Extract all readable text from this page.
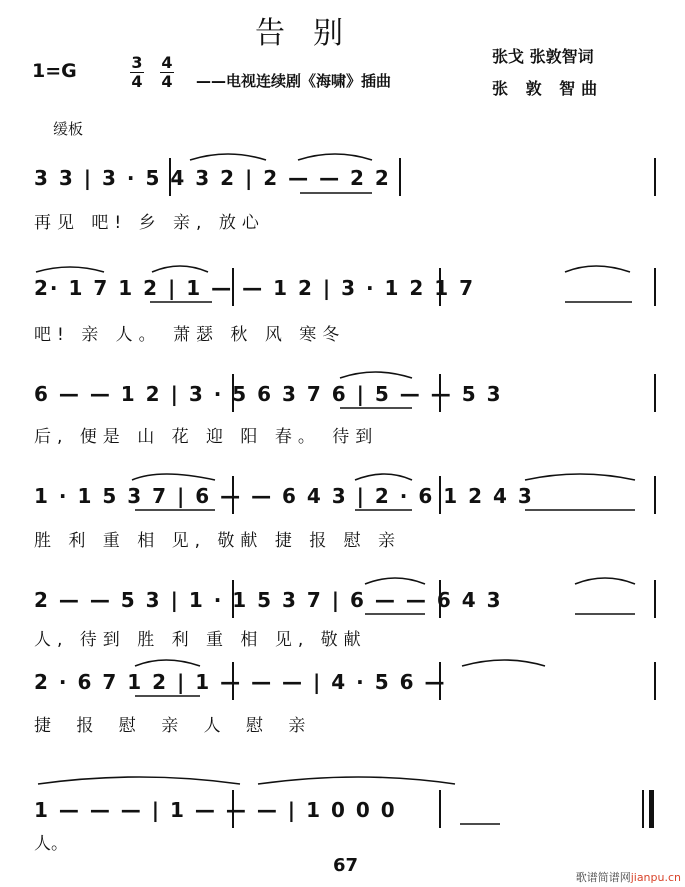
告别
1=G	$\frac{3}{4} \frac{4}{4}$ ——电视连续剧《海啸》插曲
张戈 张敦智词
张 敦 智曲
缓板
3 3 | 3 · 5 4 3 2 | 2 — — 2 2
再见 吧! 乡 亲, 放心
2· 1 7 1 2 | 1 — — 1 2 | 3 · 1 2 1 7
吧! 亲 人。 萧瑟 秋 风 寒冬
6 — — 1 2 | 3 · 5 6 3 7 6 | 5 — — 5 3
后, 便是 山 花 迎 阳 春。 待到
1 · 1 5 3 7 | 6 — — 6 4 3 | 2 · 6 1 2 4 3
胜 利 重 相 见, 敬献 捷 报 慰 亲
2 — — 5 3 | 1 · 1 5 3 7 | 6 — — 6 4 3
人, 待到 胜 利 重 相 见, 敬献
2 · 6 7 1 2 | 1 — — — | 4 · 5 6 —
捷 报 慰 亲 人 慰 亲
1 — — — | 1 — — — | 1 0 0 0
人。
67
歌谱简谱网jianpu.cn
